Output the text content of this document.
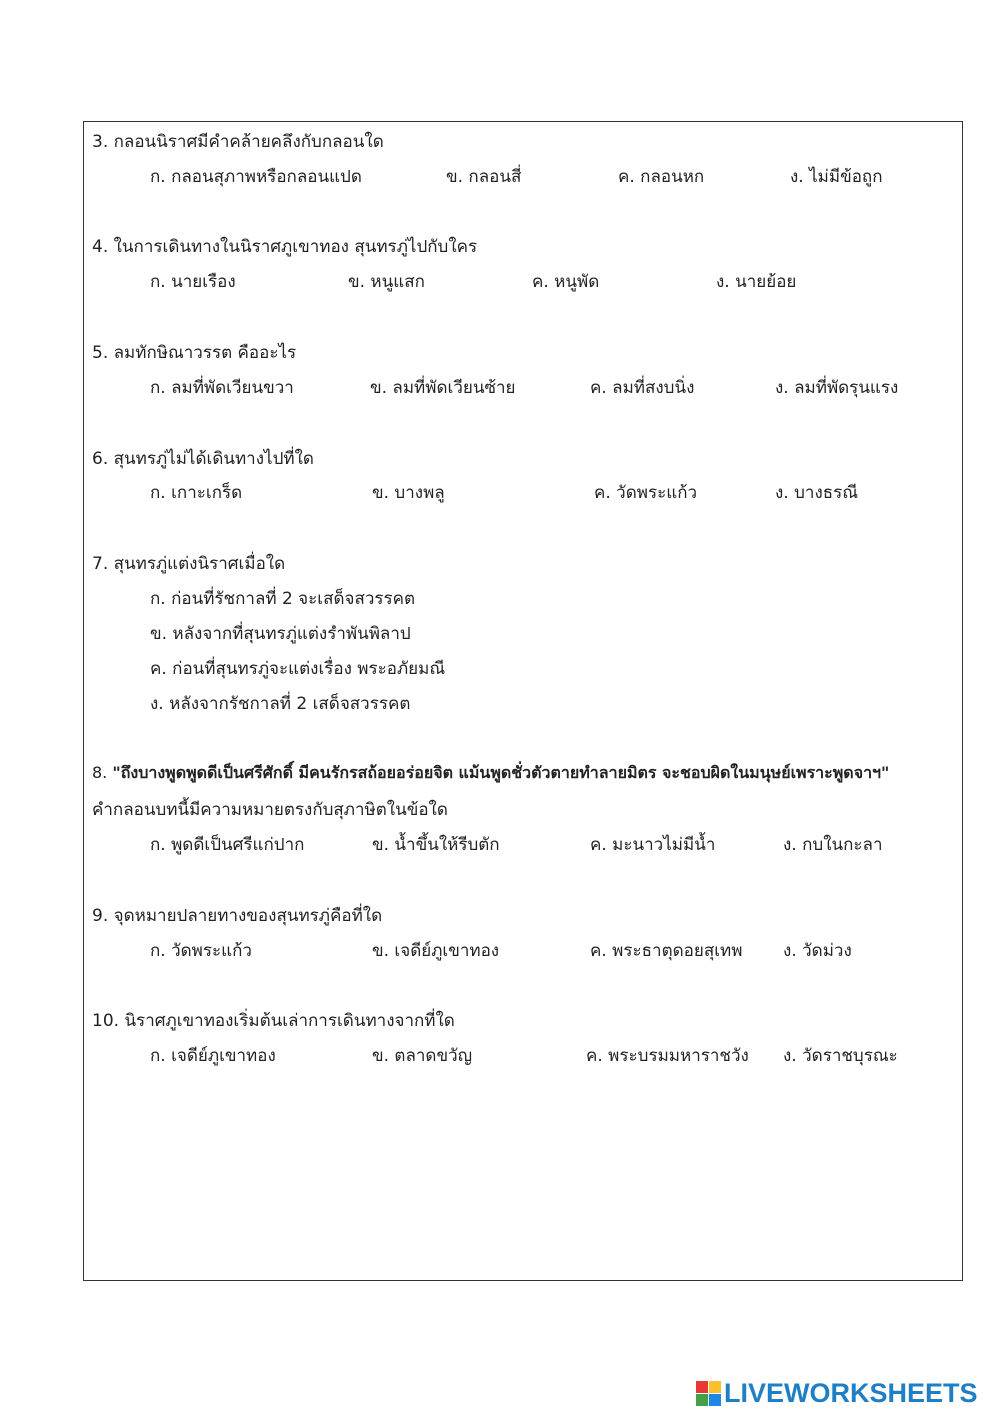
3. กลอนนิราศมีคำคล้ายคลึงกับกลอนใด
ก. กลอนสุภาพหรือกลอนแปด	ข. กลอนสี่	ค. กลอนหก	ง. ไม่มีข้อถูก
4. ในการเดินทางในนิราศภูเขาทอง สุนทรภู่ไปกับใคร
ก. นายเรือง	ข. หนูแสก	ค. หนูพัด	ง. นายย้อย
5. ลมทักษิณาวรรต คืออะไร
ก. ลมที่พัดเวียนขวา	ข. ลมที่พัดเวียนซ้าย	ค. ลมที่สงบนิ่ง	ง. ลมที่พัดรุนแรง
6. สุนทรภู่ไม่ได้เดินทางไปที่ใด
ก. เกาะเกร็ด	ข. บางพลู	ค. วัดพระแก้ว	ง. บางธรณี
7. สุนทรภู่แต่งนิราศเมื่อใด
ก. ก่อนที่รัชกาลที่ 2 จะเสด็จสวรรคต
ข. หลังจากที่สุนทรภู่แต่งรำพันพิลาป
ค. ก่อนที่สุนทรภู่จะแต่งเรื่อง พระอภัยมณี
ง. หลังจากรัชกาลที่ 2 เสด็จสวรรคต
8. "ถึงบางพูดพูดดีเป็นศรีศักดิ์ มีคนรักรสถ้อยอร่อยจิต แม้นพูดชั่วตัวตายทำลายมิตร จะชอบผิดในมนุษย์เพราะพูดจาฯ"
คำกลอนบทนี้มีความหมายตรงกับสุภาษิตในข้อใด
ก. พูดดีเป็นศรีแก่ปาก	ข. น้ำขึ้นให้รีบตัก	ค. มะนาวไม่มีน้ำ	ง. กบในกะลา
9. จุดหมายปลายทางของสุนทรภู่คือที่ใด
ก. วัดพระแก้ว	ข. เจดีย์ภูเขาทอง	ค. พระธาตุดอยสุเทพ ง. วัดม่วง
10. นิราศภูเขาทองเริ่มต้นเล่าการเดินทางจากที่ใด
ก. เจดีย์ภูเขาทอง	ข. ตลาดขวัญ	ค. พระบรมมหาราชวัง ง. วัดราชบุรณะ
LIVEWORKSHEETS
